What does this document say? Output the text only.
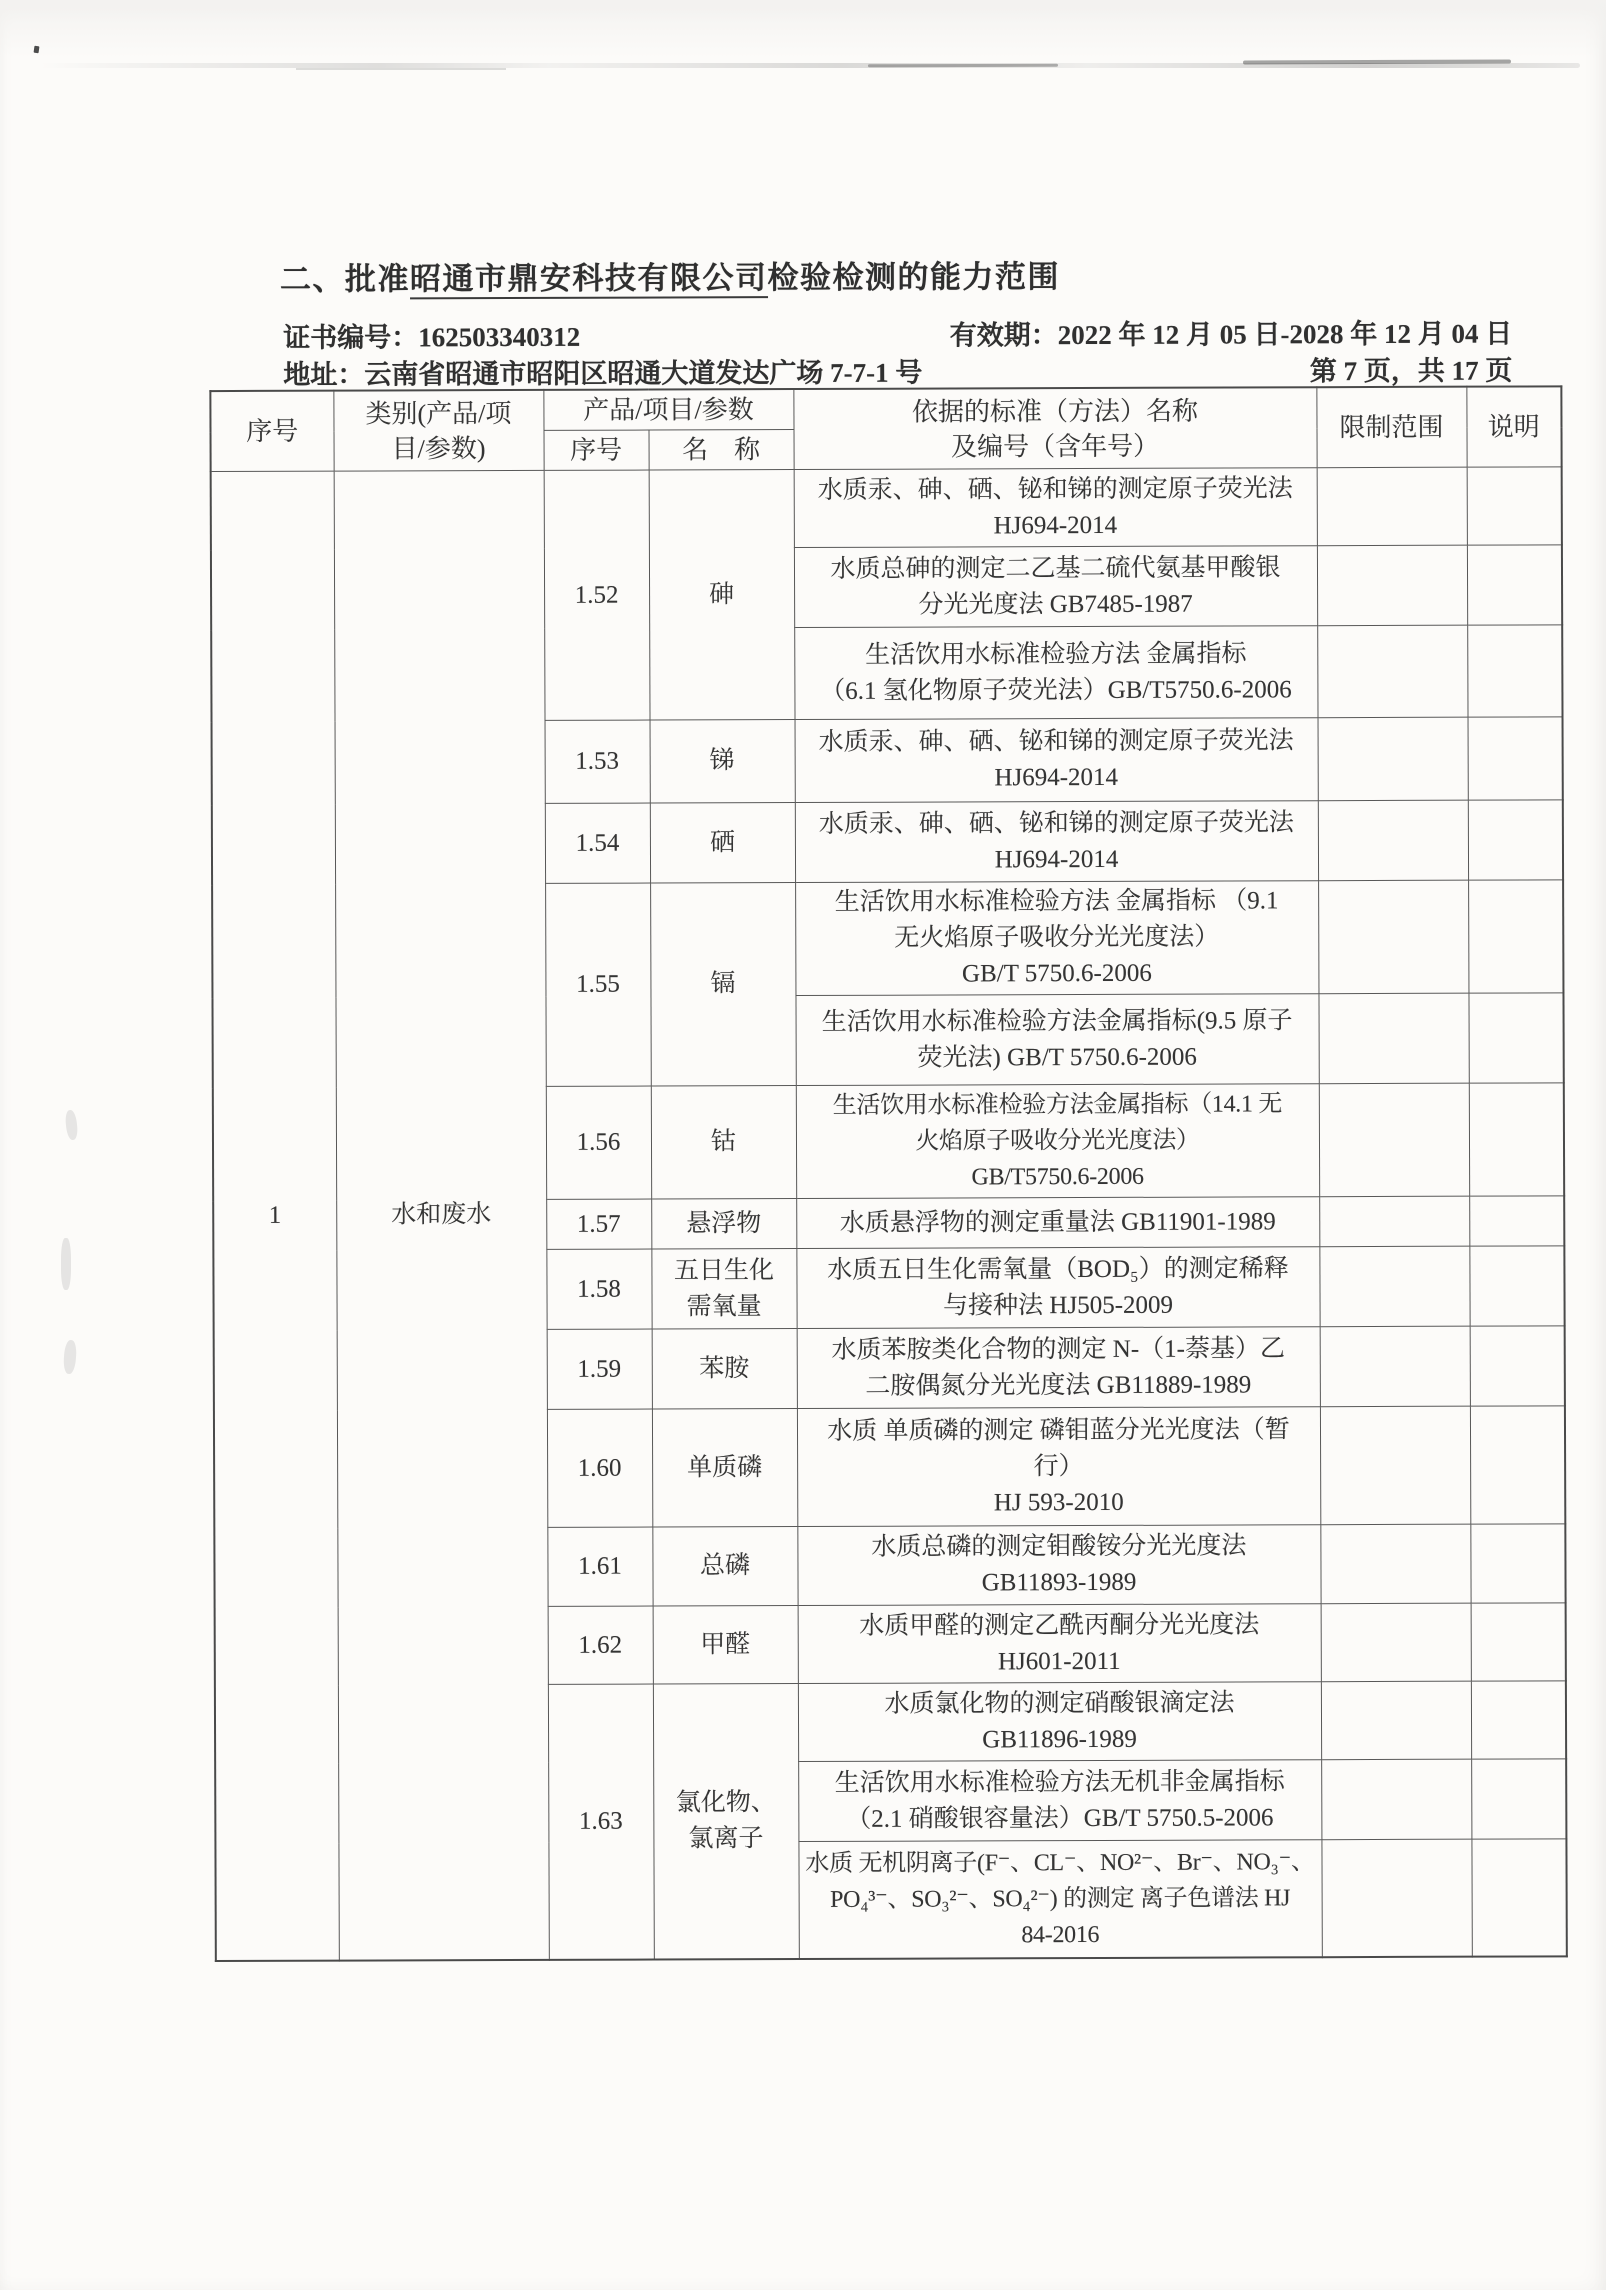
二、批准昭通市鼎安科技有限公司检验检测的能力范围
证书编号：162503340312	有效期：2022 年 12 月 05 日-2028 年 12 月 04 日
地址：云南省昭通市昭阳区昭通大道发达广场 7-7-1 号	第 7 页，共 17 页
序号	类别(产品/项
目/参数)	产品/项目/参数		依据的标准（方法）名称
及编号（含年号）	限制范围	说明
		序号	名　称			
1	水和废水	1.52	砷	水质汞、砷、硒、铋和锑的测定原子荧光法
HJ694-2014		
				水质总砷的测定二乙基二硫代氨基甲酸银
分光光度法 GB7485-1987		
				生活饮用水标准检验方法 金属指标
（6.1 氢化物原子荧光法）GB/T5750.6-2006		
		1.53	锑	水质汞、砷、硒、铋和锑的测定原子荧光法
HJ694-2014		
		1.54	硒	水质汞、砷、硒、铋和锑的测定原子荧光法
HJ694-2014		
		1.55	镉	生活饮用水标准检验方法 金属指标 （9.1
无火焰原子吸收分光光度法）
GB/T 5750.6-2006		
				生活饮用水标准检验方法金属指标(9.5 原子
荧光法) GB/T 5750.6-2006		
		1.56	钴	生活饮用水标准检验方法金属指标（14.1 无
火焰原子吸收分光光度法）
GB/T5750.6-2006		
		1.57	悬浮物	水质悬浮物的测定重量法 GB11901-1989		
		1.58	五日生化
需氧量	水质五日生化需氧量（BOD₅）的测定稀释
与接种法 HJ505-2009		
		1.59	苯胺	水质苯胺类化合物的测定 N-（1-萘基）乙
二胺偶氮分光光度法 GB11889-1989		
		1.60	单质磷	水质 单质磷的测定 磷钼蓝分光光度法（暂
行）
HJ 593-2010		
		1.61	总磷	水质总磷的测定钼酸铵分光光度法
GB11893-1989		
		1.62	甲醛	水质甲醛的测定乙酰丙酮分光光度法
HJ601-2011		
		1.63	氯化物、
氯离子	水质氯化物的测定硝酸银滴定法
GB11896-1989		
				生活饮用水标准检验方法无机非金属指标
（2.1 硝酸银容量法）GB/T 5750.5-2006		
				水质 无机阴离子(F⁻、CL⁻、NO²⁻、Br⁻、NO₃⁻、
PO₄³⁻、SO₃²⁻、SO₄²⁻) 的测定 离子色谱法 HJ
84-2016		
